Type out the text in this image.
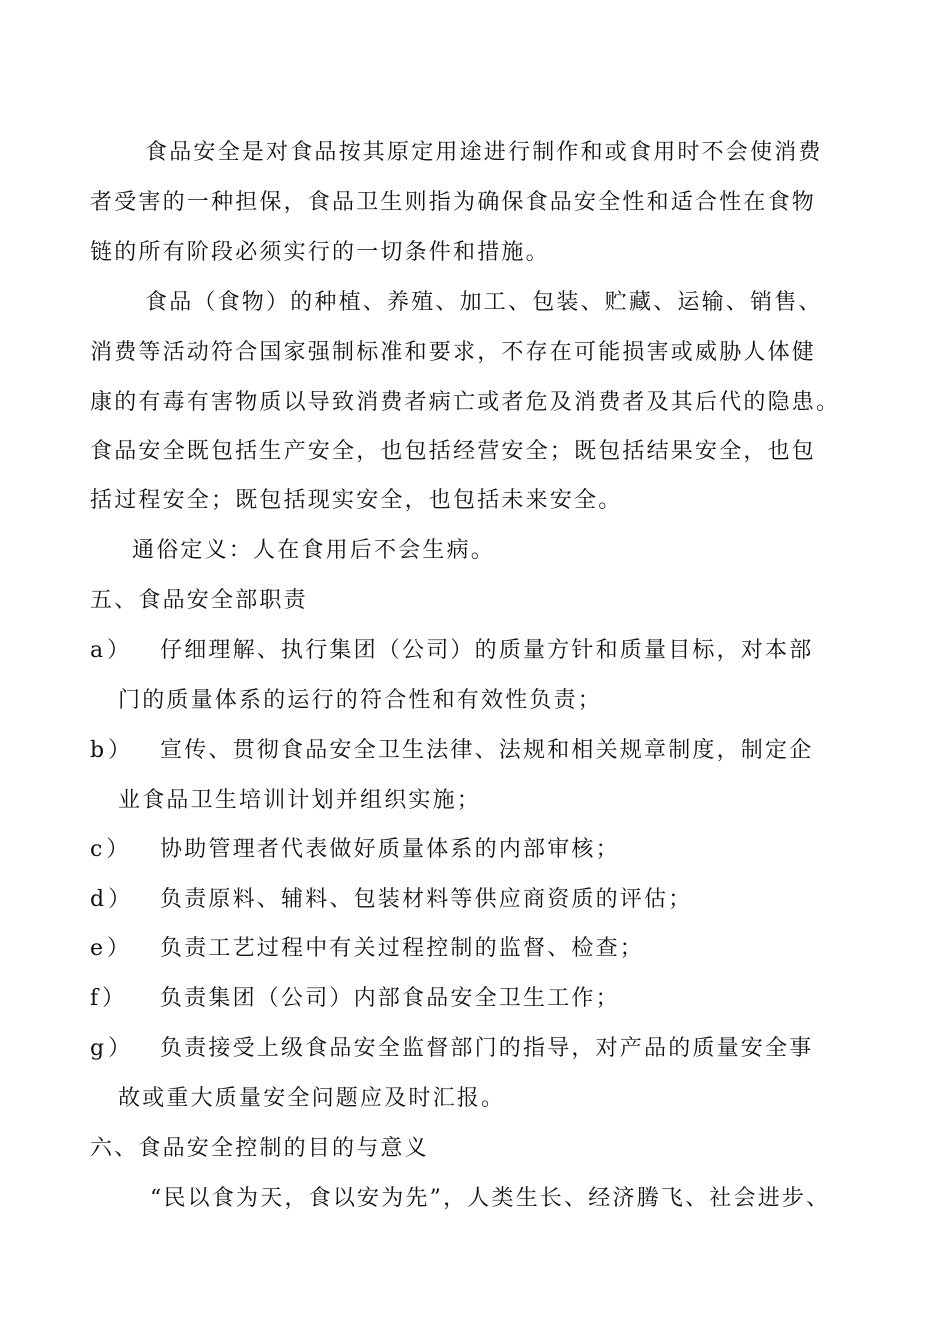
食品安全是对食品按其原定用途进行制作和或食用时不会使消费
者受害的一种担保，食品卫生则指为确保食品安全性和适合性在食物
链的所有阶段必须实行的一切条件和措施。
食品（食物）的种植、养殖、加工、包装、贮藏、运输、销售、
消费等活动符合国家强制标准和要求，不存在可能损害或威胁人体健
康的有毒有害物质以导致消费者病亡或者危及消费者及其后代的隐患。
食品安全既包括生产安全，也包括经营安全；既包括结果安全，也包
括过程安全；既包括现实安全，也包括未来安全。
通俗定义：人在食用后不会生病。
五、食品安全部职责
a） 仔细理解、执行集团（公司）的质量方针和质量目标，对本部
门的质量体系的运行的符合性和有效性负责；
b） 宣传、贯彻食品安全卫生法律、法规和相关规章制度，制定企
业食品卫生培训计划并组织实施；
c） 协助管理者代表做好质量体系的内部审核；
d） 负责原料、辅料、包装材料等供应商资质的评估；
e） 负责工艺过程中有关过程控制的监督、检查；
f） 负责集团（公司）内部食品安全卫生工作；
g） 负责接受上级食品安全监督部门的指导，对产品的质量安全事
故或重大质量安全问题应及时汇报。
六、食品安全控制的目的与意义
“民以食为天，食以安为先”，人类生长、经济腾飞、社会进步、
